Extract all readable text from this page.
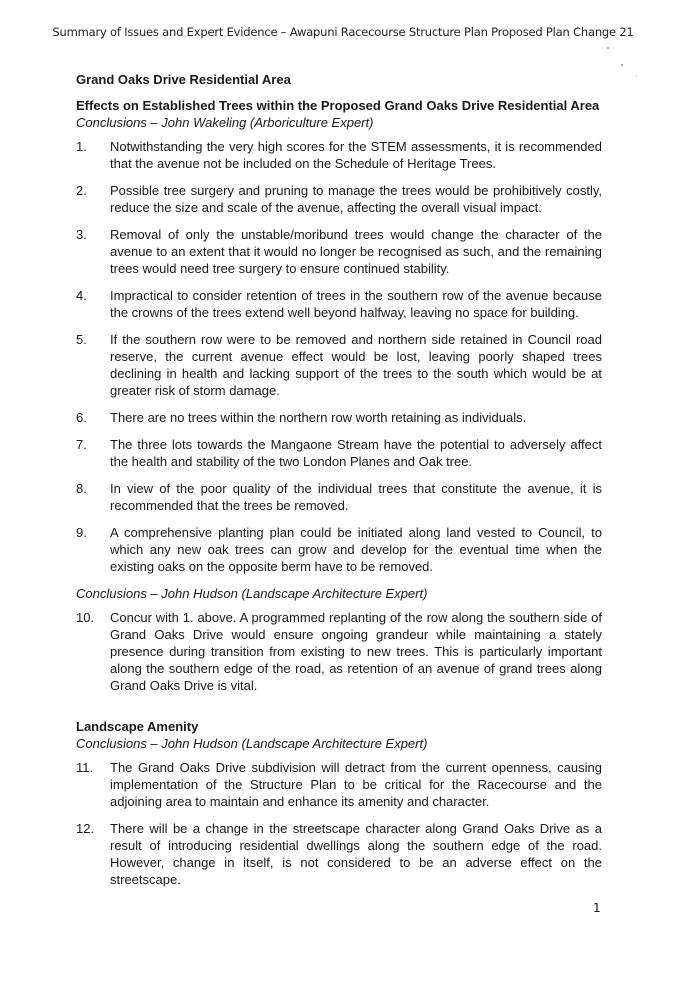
Summary of Issues and Expert Evidence – Awapuni Racecourse Structure Plan Proposed Plan Change 21
Grand Oaks Drive Residential Area
Effects on Established Trees within the Proposed Grand Oaks Drive Residential Area
Conclusions – John Wakeling (Arboriculture Expert)
1.	Notwithstanding the very high scores for the STEM assessments, it is recommended that the avenue not be included on the Schedule of Heritage Trees.
2.	Possible tree surgery and pruning to manage the trees would be prohibitively costly, reduce the size and scale of the avenue, affecting the overall visual impact.
3.	Removal of only the unstable/moribund trees would change the character of the avenue to an extent that it would no longer be recognised as such, and the remaining trees would need tree surgery to ensure continued stability.
4.	Impractical to consider retention of trees in the southern row of the avenue because the crowns of the trees extend well beyond halfway, leaving no space for building.
5.	If the southern row were to be removed and northern side retained in Council road reserve, the current avenue effect would be lost, leaving poorly shaped trees declining in health and lacking support of the trees to the south which would be at greater risk of storm damage.
6.	There are no trees within the northern row worth retaining as individuals.
7.	The three lots towards the Mangaone Stream have the potential to adversely affect the health and stability of the two London Planes and Oak tree.
8.	In view of the poor quality of the individual trees that constitute the avenue, it is recommended that the trees be removed.
9.	A comprehensive planting plan could be initiated along land vested to Council, to which any new oak trees can grow and develop for the eventual time when the existing oaks on the opposite berm have to be removed.
Conclusions – John Hudson (Landscape Architecture Expert)
10.	Concur with 1. above. A programmed replanting of the row along the southern side of Grand Oaks Drive would ensure ongoing grandeur while maintaining a stately presence during transition from existing to new trees. This is particularly important along the southern edge of the road, as retention of an avenue of grand trees along Grand Oaks Drive is vital.
Landscape Amenity
Conclusions – John Hudson (Landscape Architecture Expert)
11.	The Grand Oaks Drive subdivision will detract from the current openness, causing implementation of the Structure Plan to be critical for the Racecourse and the adjoining area to maintain and enhance its amenity and character.
12.	There will be a change in the streetscape character along Grand Oaks Drive as a result of introducing residential dwellings along the southern edge of the road. However, change in itself, is not considered to be an adverse effect on the streetscape.
1
